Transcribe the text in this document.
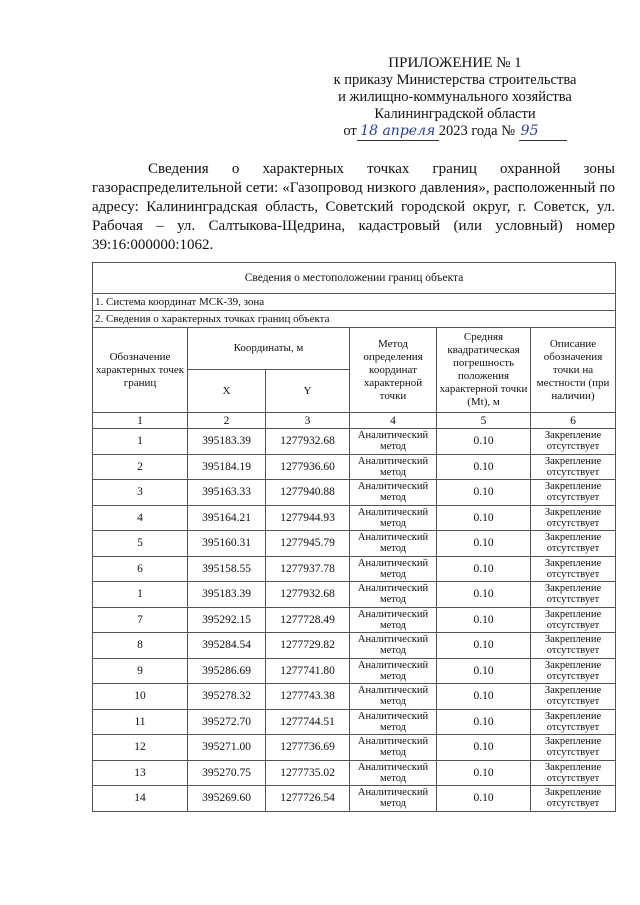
ПРИЛОЖЕНИЕ № 1
к приказу Министерства строительства
и жилищно-коммунального хозяйства
Калининградской области
от 18 апреля 2023 года № 95
Сведения о характерных точках границ охранной зоны газораспределительной сети: «Газопровод низкого давления», расположенный по адресу: Калининградская область, Советский городской округ, г. Советск, ул. Рабочая – ул. Салтыкова-Щедрина, кадастровый (или условный) номер 39:16:000000:1062.
Сведения о местоположении границ объекта					
1. Система координат МСК-39, зона					
2. Сведения о характерных точках границ объекта					
Обозначение характерных точек границ	Координаты, м		Метод определения координат характерной точки	Средняя квадратическая погрешность положения характерной точки (Mt), м	Описание обозначения точки на местности (при наличии)
	X	Y			
1	2	3	4	5	6
1	395183.39	1277932.68	Аналитический метод	0.10	Закрепление отсутствует
2	395184.19	1277936.60	Аналитический метод	0.10	Закрепление отсутствует
3	395163.33	1277940.88	Аналитический метод	0.10	Закрепление отсутствует
4	395164.21	1277944.93	Аналитический метод	0.10	Закрепление отсутствует
5	395160.31	1277945.79	Аналитический метод	0.10	Закрепление отсутствует
6	395158.55	1277937.78	Аналитический метод	0.10	Закрепление отсутствует
1	395183.39	1277932.68	Аналитический метод	0.10	Закрепление отсутствует
7	395292.15	1277728.49	Аналитический метод	0.10	Закрепление отсутствует
8	395284.54	1277729.82	Аналитический метод	0.10	Закрепление отсутствует
9	395286.69	1277741.80	Аналитический метод	0.10	Закрепление отсутствует
10	395278.32	1277743.38	Аналитический метод	0.10	Закрепление отсутствует
11	395272.70	1277744.51	Аналитический метод	0.10	Закрепление отсутствует
12	395271.00	1277736.69	Аналитический метод	0.10	Закрепление отсутствует
13	395270.75	1277735.02	Аналитический метод	0.10	Закрепление отсутствует
14	395269.60	1277726.54	Аналитический метод	0.10	Закрепление отсутствует
